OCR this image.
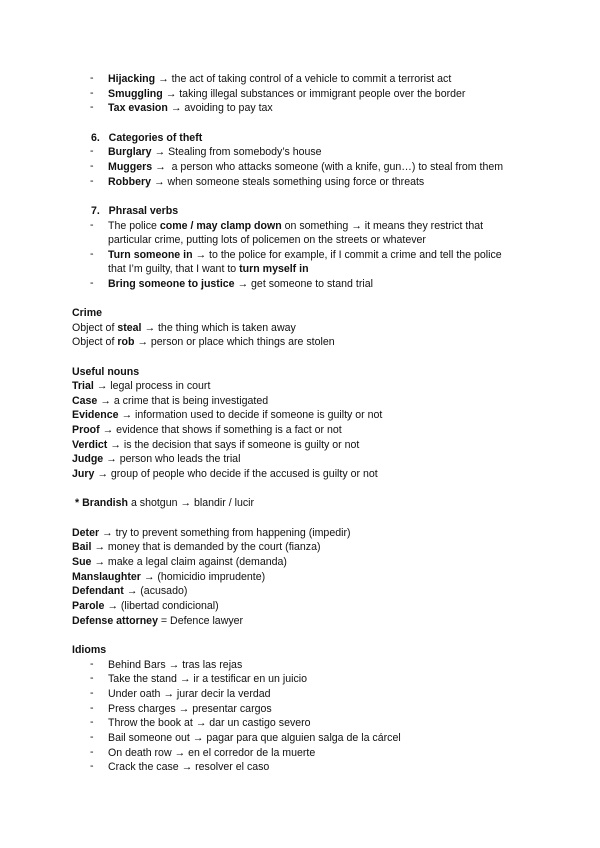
-	Hijacking → the act of taking control of a vehicle to commit a terrorist act
-	Smuggling → taking illegal substances or immigrant people over the border
-	Tax evasion → avoiding to pay tax
6.   Categories of theft
-	Burglary → Stealing from somebody’s house
-	Muggers →  a person who attacks someone (with a knife, gun…) to steal from them
-	Robbery → when someone steals something using force or threats
7.   Phrasal verbs
-	The police come / may clamp down on something → it means they restrict that
particular crime, putting lots of policemen on the streets or whatever
-	Turn someone in → to the police for example, if I commit a crime and tell the police
that I’m guilty, that I want to turn myself in
-	Bring someone to justice → get someone to stand trial
Crime
Object of steal → the thing which is taken away
Object of rob → person or place which things are stolen
Useful nouns
Trial → legal process in court
Case → a crime that is being investigated
Evidence → information used to decide if someone is guilty or not
Proof → evidence that shows if something is a fact or not
Verdict → is the decision that says if someone is guilty or not
Judge → person who leads the trial
Jury → group of people who decide if the accused is guilty or not
* Brandish a shotgun → blandir / lucir
Deter → try to prevent something from happening (impedir)
Bail → money that is demanded by the court (fianza)
Sue → make a legal claim against (demanda)
Manslaughter → (homicidio imprudente)
Defendant → (acusado)
Parole → (libertad condicional)
Defense attorney = Defence lawyer
Idioms
-	Behind Bars → tras las rejas
-	Take the stand → ir a testificar en un juicio
-	Under oath → jurar decir la verdad
-	Press charges → presentar cargos
-	Throw the book at → dar un castigo severo
-	Bail someone out → pagar para que alguien salga de la cárcel
-	On death row → en el corredor de la muerte
-	Crack the case → resolver el caso
